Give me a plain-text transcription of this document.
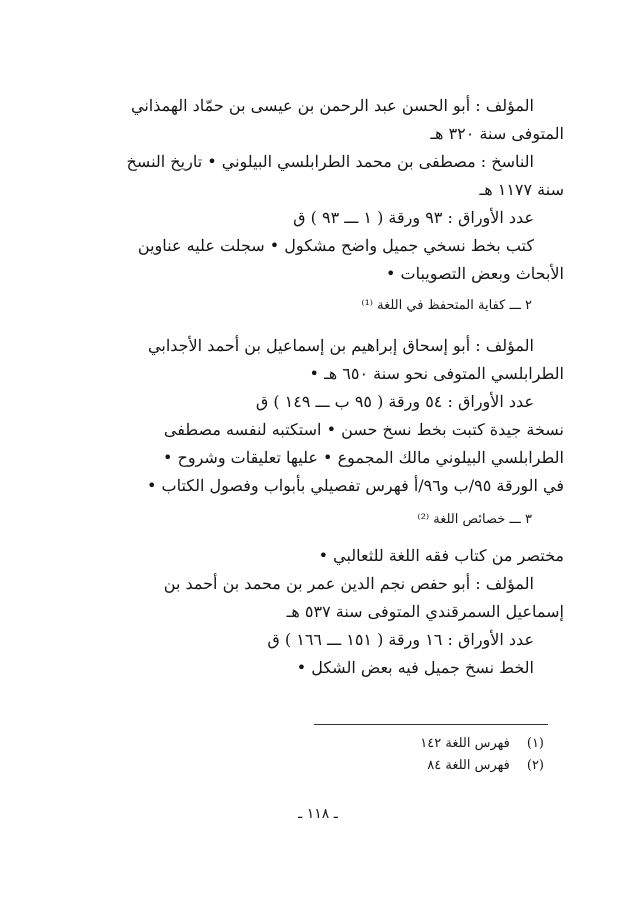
المؤلف : أبو الحسن عبد الرحمن بن عيسى بن حمّاد الهمذاني
المتوفى سنة ٣٢٠ هـ
الناسخ : مصطفى بن محمد الطرابلسي البيلوني • تاريخ النسخ
سنة ١١٧٧ هـ
عدد الأوراق : ٩٣ ورقة ( ١ ـــ ٩٣ ) ق
كتب بخط نسخي جميل واضح مشكول • سجلت عليه عناوين
الأبحاث وبعض التصويبات •
٢ ـــ كفاية المتحفظ في اللغة ⁽¹⁾
المؤلف : أبو إسحاق إبراهيم بن إسماعيل بن أحمد الأجدابي
الطرابلسي المتوفى نحو سنة ٦٥٠ هـ •
عدد الأوراق : ٥٤ ورقة ( ٩٥ ب ـــ ١٤٩ ) ق
نسخة جيدة كتبت بخط نسخ حسن • استكتبه لنفسه مصطفى
الطرابلسي البيلوني مالك المجموع • عليها تعليقات وشروح •
في الورقة ٩٥/ب و٩٦/أ فهرس تفصيلي بأبواب وفصول الكتاب •
٣ ـــ خصائص اللغة ⁽²⁾
مختصر من كتاب فقه اللغة للثعالبي •
المؤلف : أبو حفص نجم الدين عمر بن محمد بن أحمد بن
إسماعيل السمرقندي المتوفى سنة ٥٣٧ هـ
عدد الأوراق : ١٦ ورقة ( ١٥١ ـــ ١٦٦ ) ق
الخط نسخ جميل فيه بعض الشكل •
(١) فهرس اللغة ١٤٢
(٢) فهرس اللغة ٨٤
ـ ١١٨ ـ
